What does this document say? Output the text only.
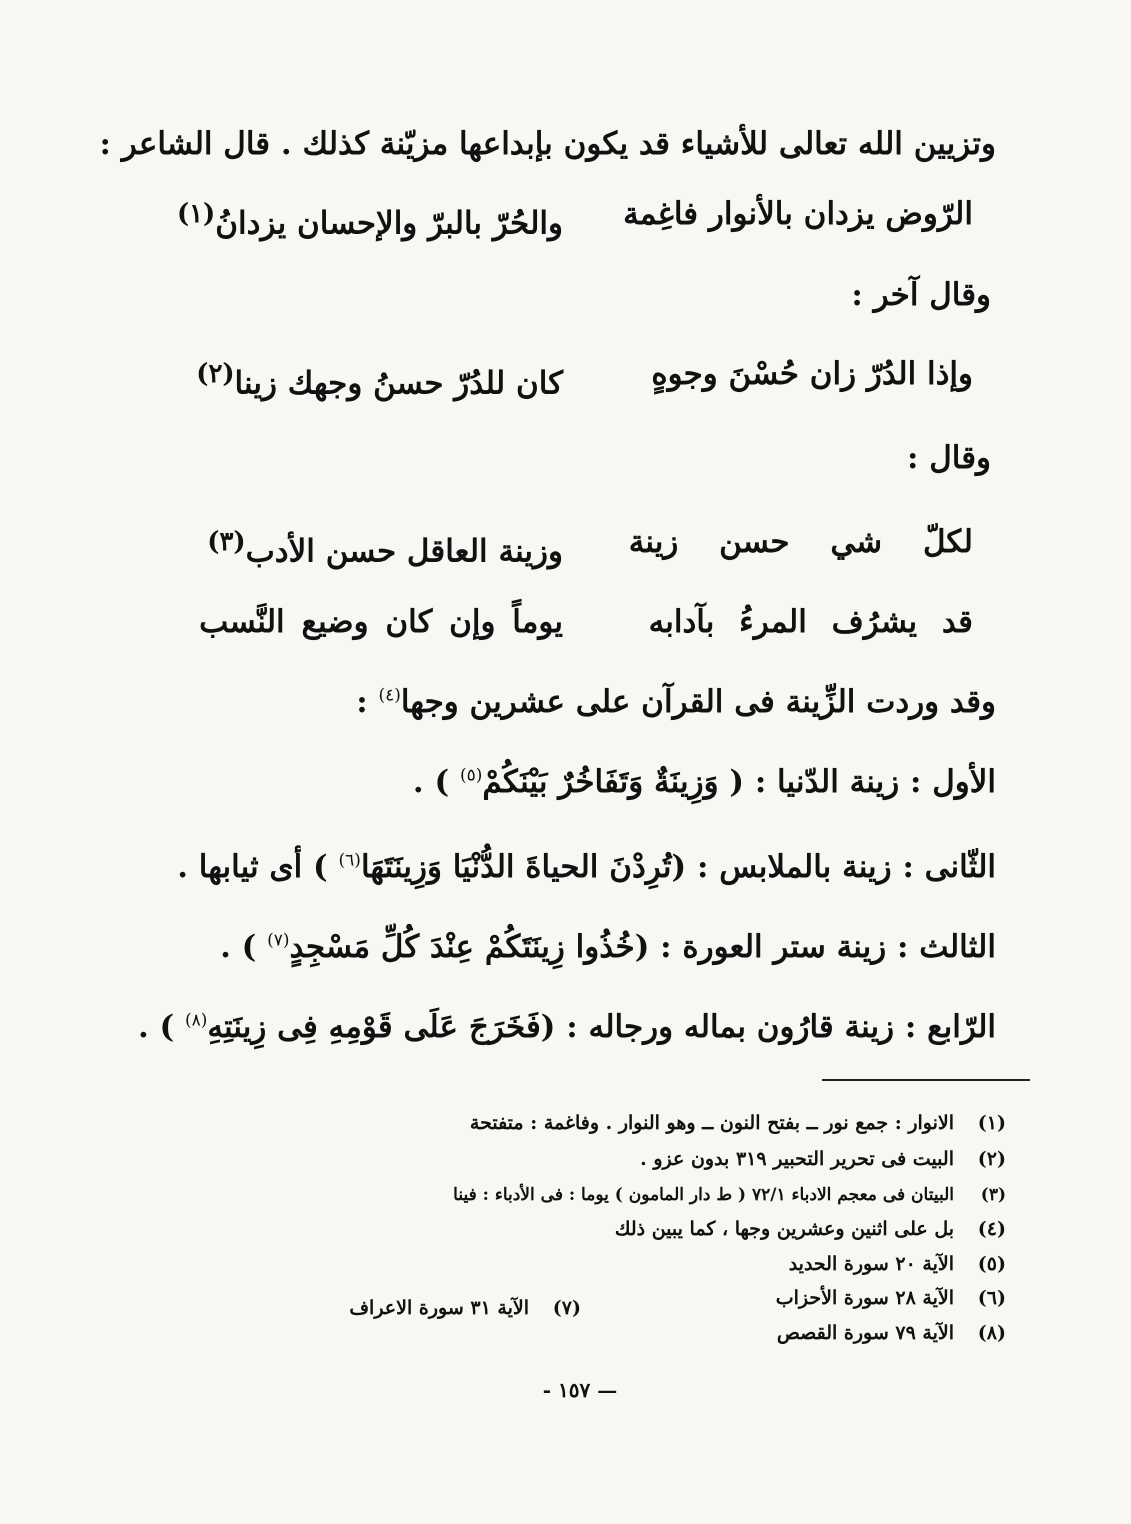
وتزيين الله تعالى للأشياء قد يكون بإبداعها مزيّنة كذلك . قال الشاعر :
الرّوض يزدان بالأنوار فاغِمة
والحُرّ بالبرّ والإحسان يزدانُ$^{(١)}$
وقال آخر :
وإذا الدُرّ زان حُسْنَ وجوهٍ
كان للدُرّ حسنُ وجهك زينا$^{(٢)}$
وقال :
لكلّ شي حسن زينة
وزينة العاقل حسن الأدب$^{(٣)}$
قد يشرُف المرءُ بآدابه
يوماً وإن كان وضيع النَّسب
وقد وردت الزِّينة فى القرآن على عشرين وجها$^{(٤)}$ :
الأول : زينة الدّنيا : ( وَزِينَةٌ وَتَفَاخُرٌ بَيْنَكُمْ$^{(٥)}$ ) .
الثّانى : زينة بالملابس : (تُرِدْنَ الحياةَ الدُّنْيَا وَزِينَتَهَا$^{(٦)}$ ) أى ثيابها .
الثالث : زينة ستر العورة : (خُذُوا زِينَتَكُمْ عِنْدَ كُلِّ مَسْجِدٍ$^{(٧)}$ ) .
الرّابع : زينة قارُون بماله ورجاله : (فَخَرَجَ عَلَى قَوْمِهِ فِى زِينَتِهِ$^{(٨)}$ ) .
(١)الانوار : جمع نور ــ بفتح النون ــ وهو النوار . وفاغمة : متفتحة
(٢)البيت فى تحرير التحبير ٣١٩ بدون عزو .
(٣)البيتان فى معجم الادباء ٧٢/١ ( ط دار المامون ) يوما : فى الأدباء : فينا
(٤)بل على اثنين وعشرين وجها ، كما يبين ذلك
(٥)الآية ٢٠ سورة الحديد
(٦)الآية ٢٨ سورة الأحزاب
(٧)الآية ٣١ سورة الاعراف
(٨)الآية ٧٩ سورة القصص
— ١٥٧ -
